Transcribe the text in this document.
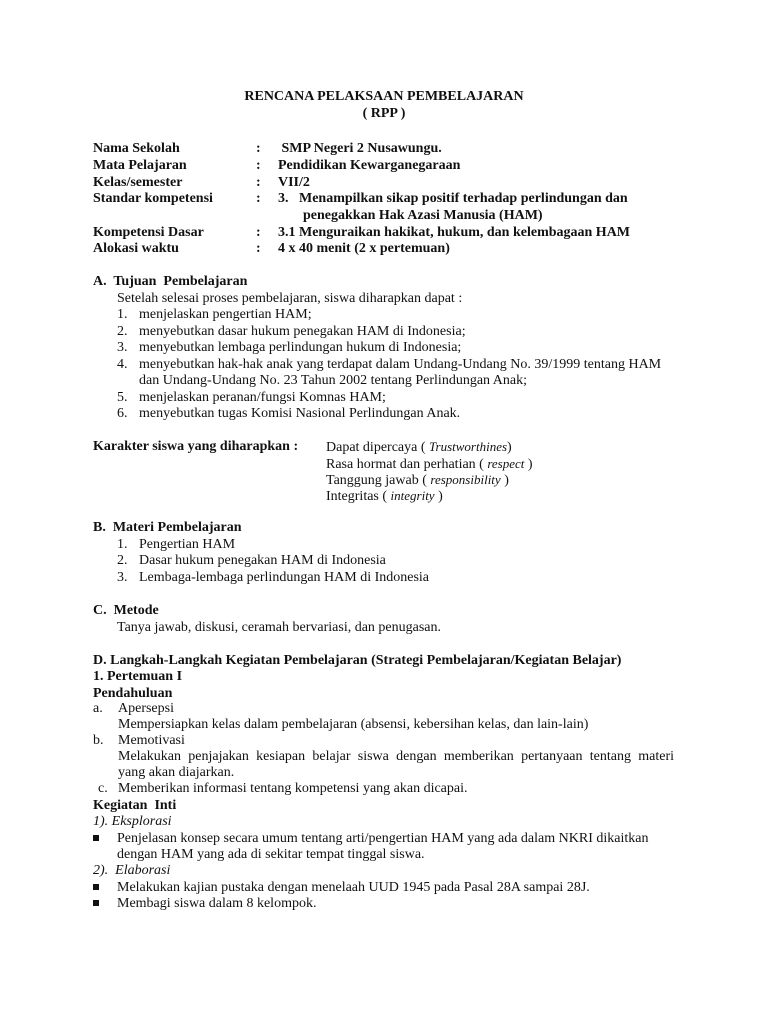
RENCANA PELAKSAAN PEMBELAJARAN
( RPP )
Nama Sekolah	: SMP Negeri 2 Nusawungu.
Mata Pelajaran	: Pendidikan Kewarganegaraan
Kelas/semester	: VII/2
Standar kompetensi	: 3.   Menampilkan sikap positif terhadap perlindungan dan
penegakkan Hak Azasi Manusia (HAM)
Kompetensi Dasar	: 3.1 Menguraikan hakikat, hukum, dan kelembagaan HAM
Alokasi waktu	: 4 x 40 menit (2 x pertemuan)
A.  Tujuan  Pembelajaran
Setelah selesai proses pembelajaran, siswa diharapkan dapat :
1. menjelaskan pengertian HAM;
2. menyebutkan dasar hukum penegakan HAM di Indonesia;
3. menyebutkan lembaga perlindungan hukum di Indonesia;
4. menyebutkan hak-hak anak yang terdapat dalam Undang-Undang No. 39/1999 tentang HAM
dan Undang-Undang No. 23 Tahun 2002 tentang Perlindungan Anak;
5. menjelaskan peranan/fungsi Komnas HAM;
6. menyebutkan tugas Komisi Nasional Perlindungan Anak.
Karakter siswa yang diharapkan : Dapat dipercaya ( Trustworthines)
Rasa hormat dan perhatian ( respect )
Tanggung jawab ( responsibility )
Integritas ( integrity )
B.  Materi Pembelajaran
1. Pengertian HAM
2. Dasar hukum penegakan HAM di Indonesia
3. Lembaga-lembaga perlindungan HAM di Indonesia
C.  Metode
Tanya jawab, diskusi, ceramah bervariasi, dan penugasan.
D. Langkah-Langkah Kegiatan Pembelajaran (Strategi Pembelajaran/Kegiatan Belajar)
1. Pertemuan I
Pendahuluan
a. Apersepsi
Mempersiapkan kelas dalam pembelajaran (absensi, kebersihan kelas, dan lain-lain)
b. Memotivasi
Melakukan penjajakan kesiapan belajar siswa dengan memberikan pertanyaan tentang materi
yang akan diajarkan.
c. Memberikan informasi tentang kompetensi yang akan dicapai.
Kegiatan  Inti
1). Eksplorasi
Penjelasan konsep secara umum tentang arti/pengertian HAM yang ada dalam NKRI dikaitkan
dengan HAM yang ada di sekitar tempat tinggal siswa.
2).  Elaborasi
Melakukan kajian pustaka dengan menelaah UUD 1945 pada Pasal 28A sampai 28J.
Membagi siswa dalam 8 kelompok.
